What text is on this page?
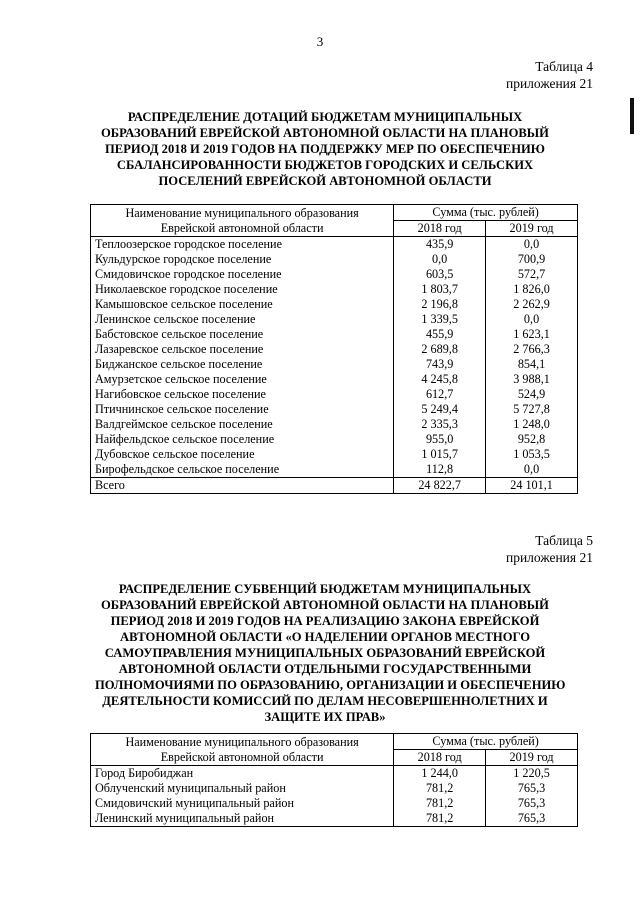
3
Таблица 4
приложения 21
РАСПРЕДЕЛЕНИЕ ДОТАЦИЙ БЮДЖЕТАМ МУНИЦИПАЛЬНЫХ
ОБРАЗОВАНИЙ ЕВРЕЙСКОЙ АВТОНОМНОЙ ОБЛАСТИ НА ПЛАНОВЫЙ
ПЕРИОД 2018 И 2019 ГОДОВ НА ПОДДЕРЖКУ МЕР ПО ОБЕСПЕЧЕНИЮ
СБАЛАНСИРОВАННОСТИ БЮДЖЕТОВ ГОРОДСКИХ И СЕЛЬСКИХ
ПОСЕЛЕНИЙ ЕВРЕЙСКОЙ АВТОНОМНОЙ ОБЛАСТИ
Наименование муниципального образования
Еврейской автономной области	Сумма (тыс. рублей)	
	2018 год	2019 год
Теплоозерское городское поселение	435,9	0,0
Кульдурское городское поселение	0,0	700,9
Смидовичское городское поселение	603,5	572,7
Николаевское городское поселение	1 803,7	1 826,0
Камышовское сельское поселение	2 196,8	2 262,9
Ленинское сельское поселение	1 339,5	0,0
Бабстовское сельское поселение	455,9	1 623,1
Лазаревское сельское поселение	2 689,8	2 766,3
Биджанское сельское поселение	743,9	854,1
Амурзетское сельское поселение	4 245,8	3 988,1
Нагибовское сельское поселение	612,7	524,9
Птичнинское сельское поселение	5 249,4	5 727,8
Валдгеймское сельское поселение	2 335,3	1 248,0
Найфельдское сельское поселение	955,0	952,8
Дубовское сельское поселение	1 015,7	1 053,5
Бирофельдское сельское поселение	112,8	0,0
Всего	24 822,7	24 101,1
Таблица 5
приложения 21
РАСПРЕДЕЛЕНИЕ СУБВЕНЦИЙ БЮДЖЕТАМ МУНИЦИПАЛЬНЫХ
ОБРАЗОВАНИЙ ЕВРЕЙСКОЙ АВТОНОМНОЙ ОБЛАСТИ НА ПЛАНОВЫЙ
ПЕРИОД 2018 И 2019 ГОДОВ НА РЕАЛИЗАЦИЮ ЗАКОНА ЕВРЕЙСКОЙ
АВТОНОМНОЙ ОБЛАСТИ «О НАДЕЛЕНИИ ОРГАНОВ МЕСТНОГО
САМОУПРАВЛЕНИЯ МУНИЦИПАЛЬНЫХ ОБРАЗОВАНИЙ ЕВРЕЙСКОЙ
АВТОНОМНОЙ ОБЛАСТИ ОТДЕЛЬНЫМИ ГОСУДАРСТВЕННЫМИ
ПОЛНОМОЧИЯМИ ПО ОБРАЗОВАНИЮ, ОРГАНИЗАЦИИ И ОБЕСПЕЧЕНИЮ
ДЕЯТЕЛЬНОСТИ КОМИССИЙ ПО ДЕЛАМ НЕСОВЕРШЕННОЛЕТНИХ И
ЗАЩИТЕ ИХ ПРАВ»
Наименование муниципального образования
Еврейской автономной области	Сумма (тыс. рублей)	
	2018 год	2019 год
Город Биробиджан	1 244,0	1 220,5
Облученский муниципальный район	781,2	765,3
Смидовичский муниципальный район	781,2	765,3
Ленинский муниципальный район	781,2	765,3
